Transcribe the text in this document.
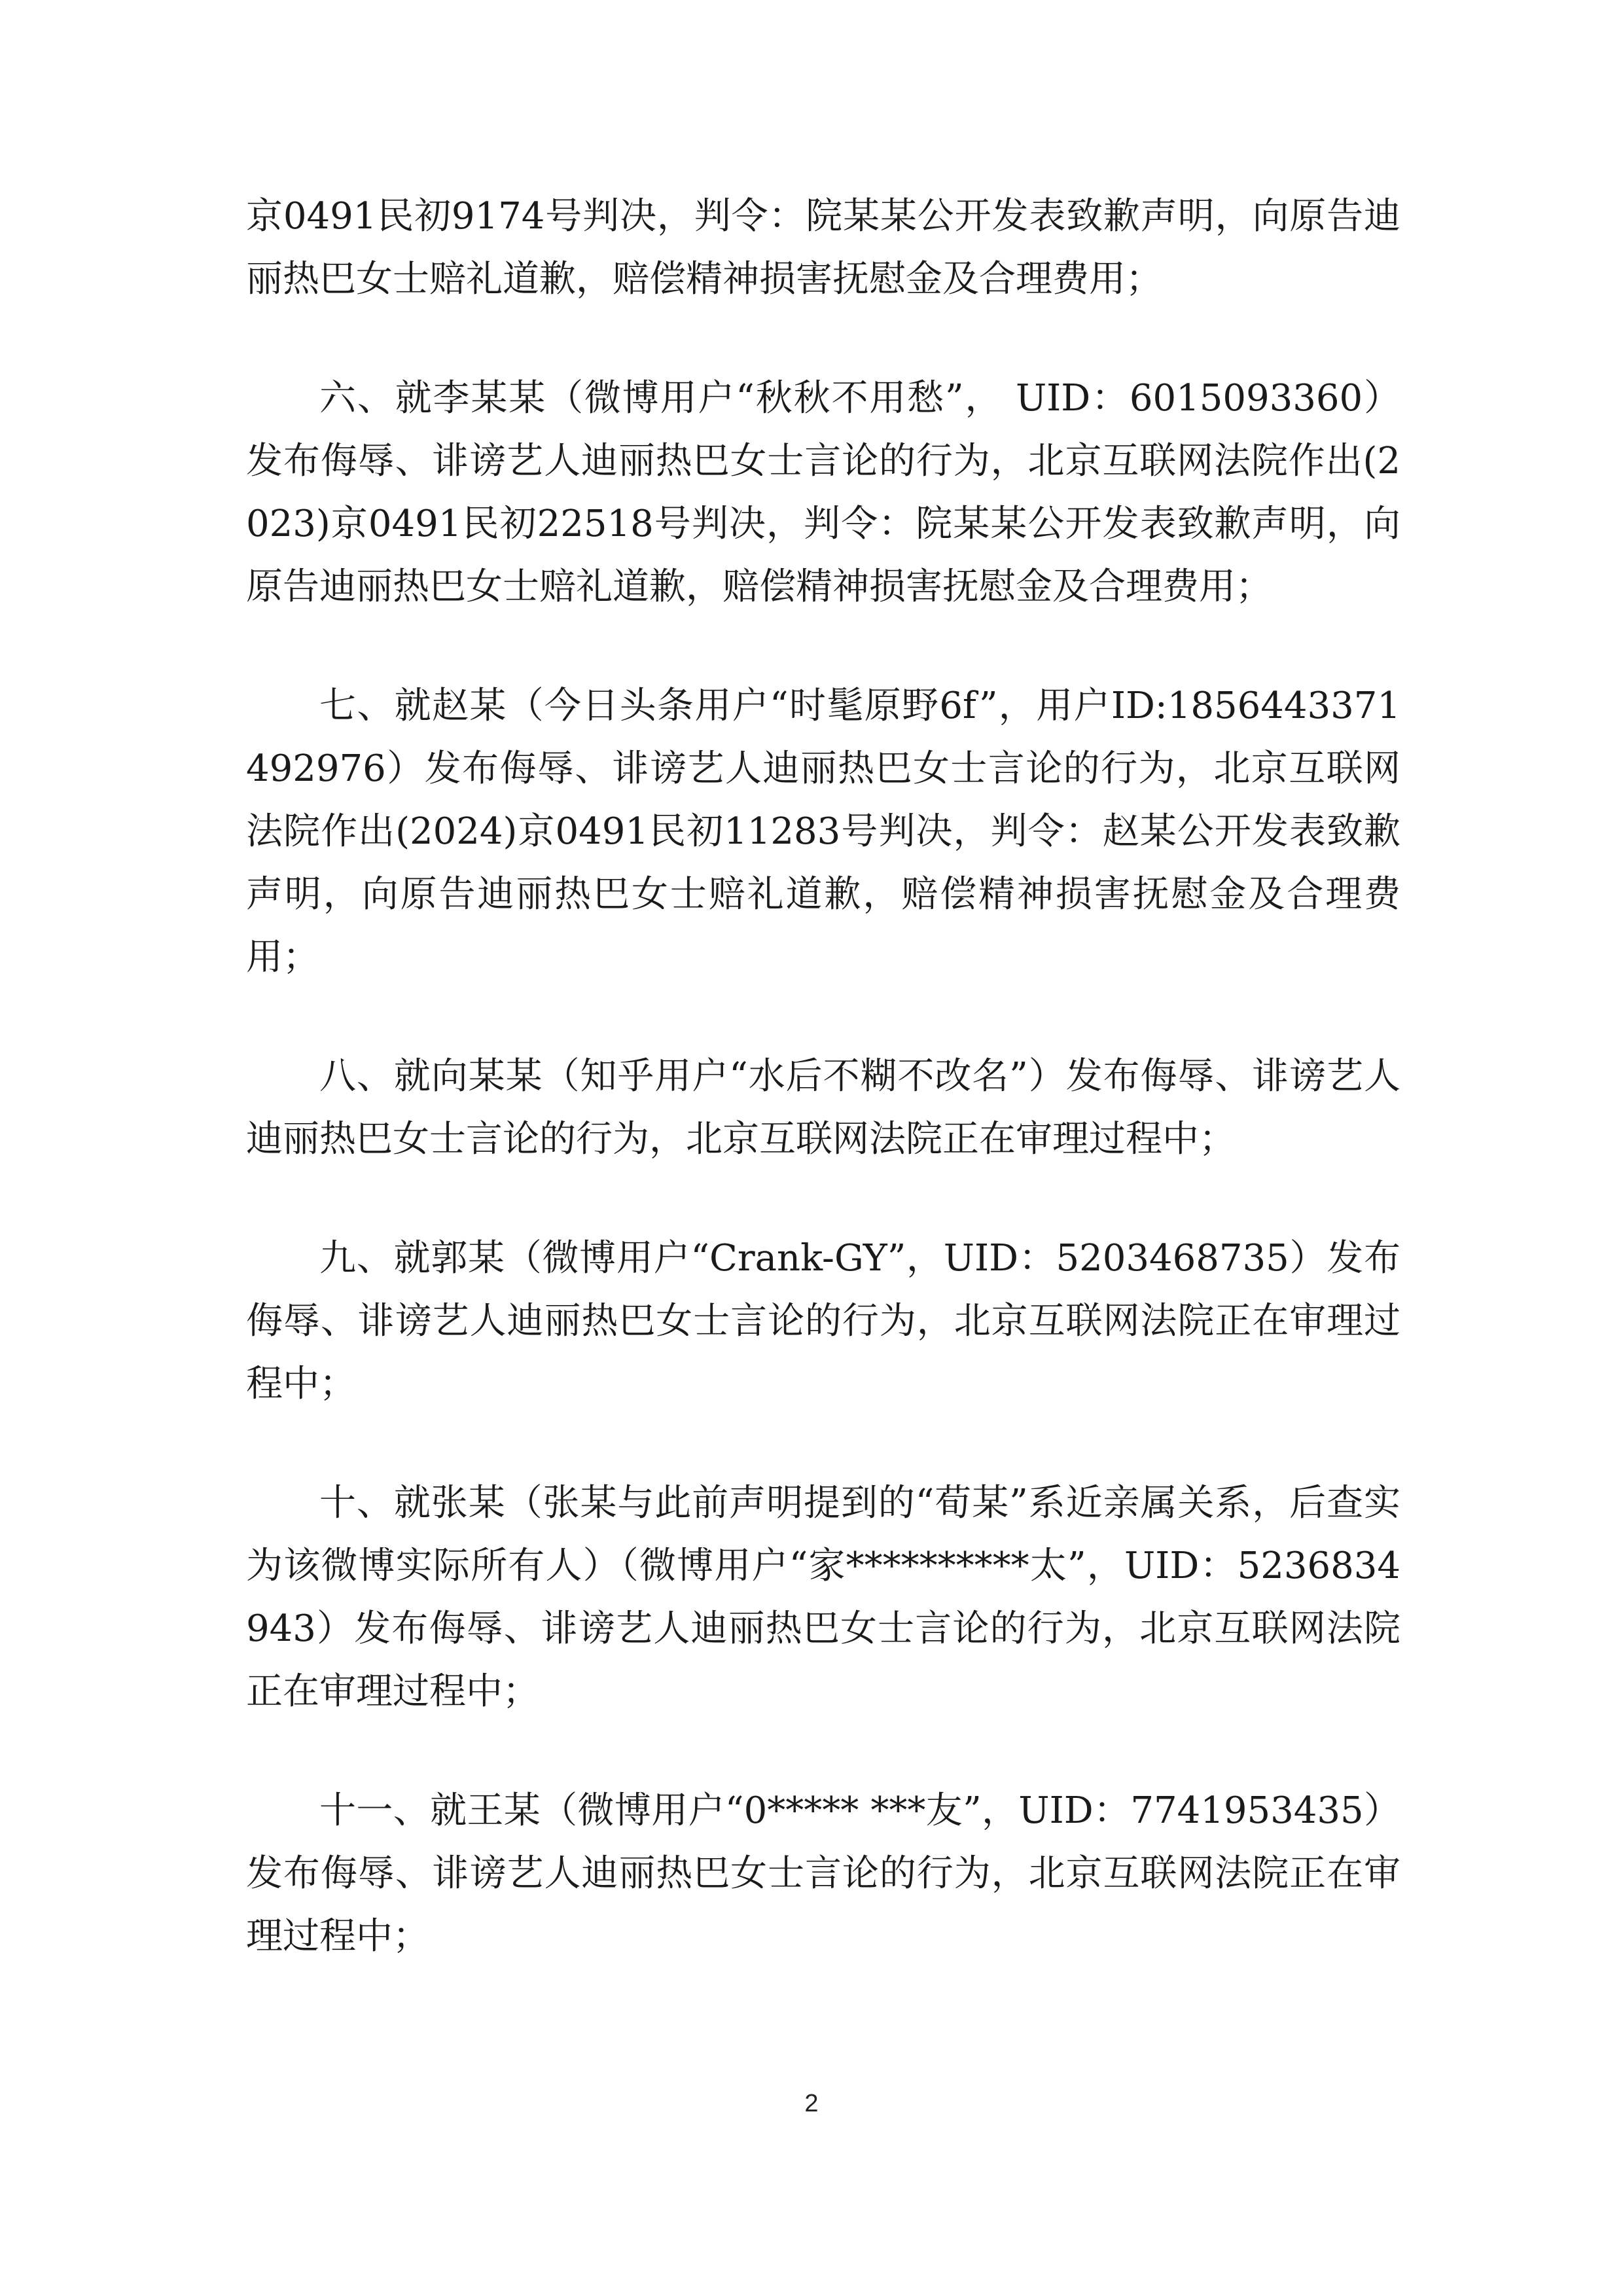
京0491民初9174号判决，判令：院某某公开发表致歉声明，向原告迪丽热巴女士赔礼道歉，赔偿精神损害抚慰金及合理费用；

六、就李某某（微博用户“秋秋不用愁”， UID：6015093360）发布侮辱、诽谤艺人迪丽热巴女士言论的行为，北京互联网法院作出(2023)京0491民初22518号判决，判令：院某某公开发表致歉声明，向原告迪丽热巴女士赔礼道歉，赔偿精神损害抚慰金及合理费用；

七、就赵某（今日头条用户“时髦原野6f”，用户ID:1856443371492976）发布侮辱、诽谤艺人迪丽热巴女士言论的行为，北京互联网法院作出(2024)京0491民初11283号判决，判令：赵某公开发表致歉声明，向原告迪丽热巴女士赔礼道歉，赔偿精神损害抚慰金及合理费用；

八、就向某某（知乎用户“水后不糊不改名”）发布侮辱、诽谤艺人迪丽热巴女士言论的行为，北京互联网法院正在审理过程中；

九、就郭某（微博用户“Crank-GY”，UID：5203468735）发布侮辱、诽谤艺人迪丽热巴女士言论的行为，北京互联网法院正在审理过程中；

十、就张某（张某与此前声明提到的“荀某”系近亲属关系，后查实为该微博实际所有人）（微博用户“家**********太”，UID：5236834943）发布侮辱、诽谤艺人迪丽热巴女士言论的行为，北京互联网法院正在审理过程中；

十一、就王某（微博用户“0***** ***友”，UID：7741953435）发布侮辱、诽谤艺人迪丽热巴女士言论的行为，北京互联网法院正在审理过程中；

2
